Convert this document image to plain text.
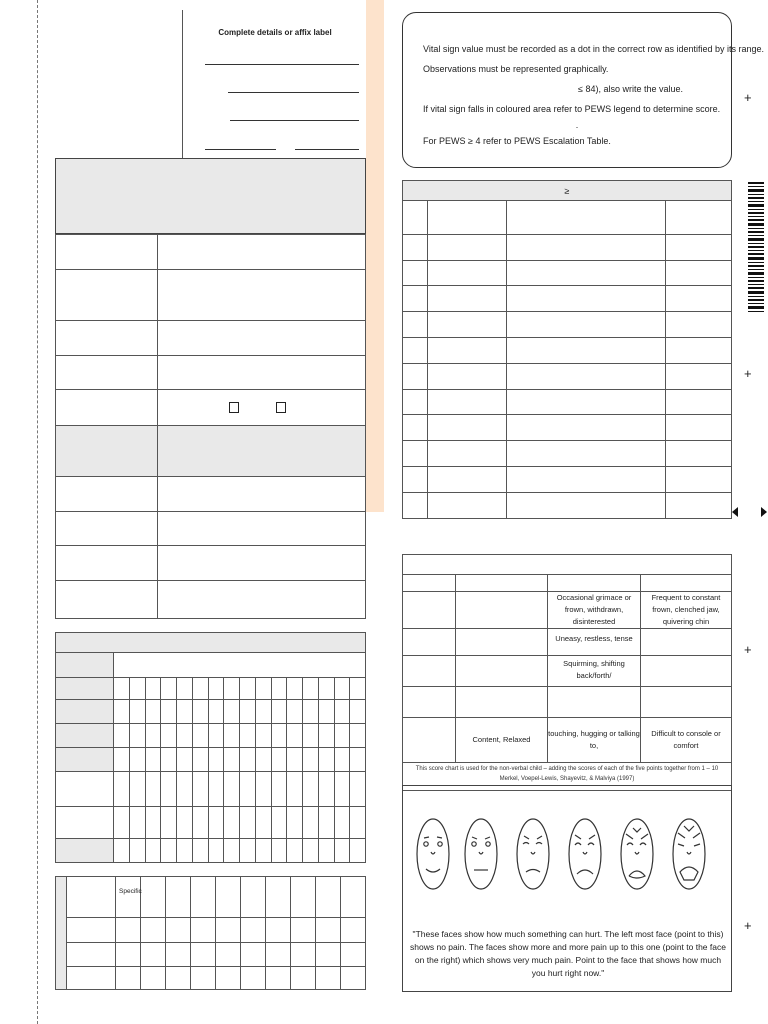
Complete details or affix label

		Specific									

Vital sign value must be recorded as a dot in the correct row as identified by its range.
Observations must be represented graphically.
≤ 84), also write the value.
If vital sign falls in coloured area refer to PEWS legend to determine score.
.
For PEWS ≥ 4 refer to PEWS Escalation Table.
≥			

		Occasional grimace or frown, withdrawn, disinterested	Frequent to constant frown, clenched jaw, quivering chin
		Uneasy, restless, tense	
		Squirming, shifting back/forth/	

	Content, Relaxed	touching, hugging or talking to,	Difficult to console or comfort

This score chart is used for the non-verbal child – adding the scores of each of the five points together from 1 – 10
Merkel, Voepel-Lewis, Shayevitz, & Malviya (1997)			
"These faces show how much something can hurt. The left most face (point to this) shows no pain. The faces show more and more pain up to this one (point to the face on the right) which shows very much pain. Point to the face that shows how much you hurt right now."
+
+
+
+
